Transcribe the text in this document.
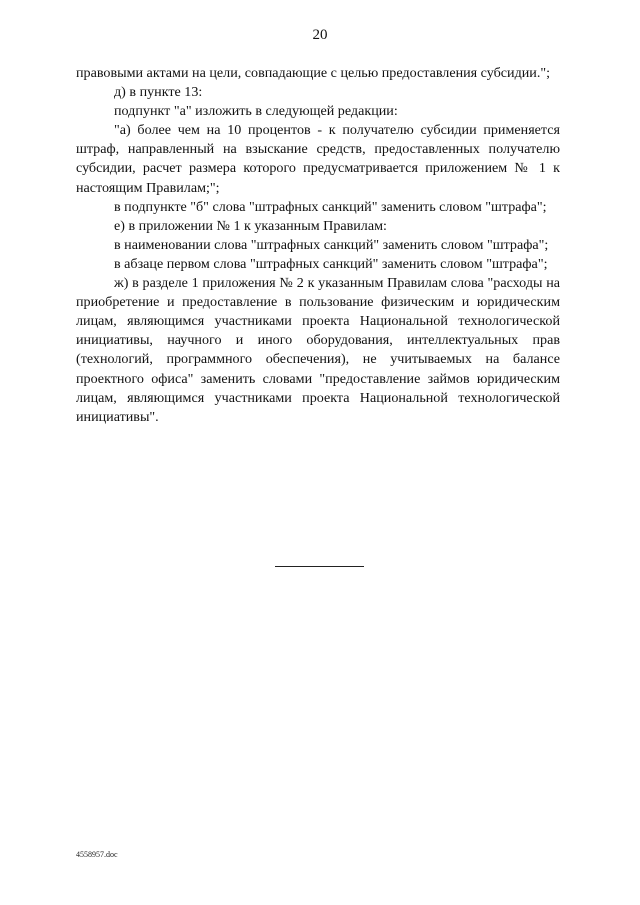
20

правовыми актами на цели, совпадающие с целью предоставления субсидии.";

д) в пункте 13:

подпункт "а" изложить в следующей редакции:

"а) более чем на 10 процентов - к получателю субсидии применяется штраф, направленный на взыскание средств, предоставленных получателю субсидии, расчет размера которого предусматривается приложением № 1 к настоящим Правилам;";

в подпункте "б" слова "штрафных санкций" заменить словом "штрафа";

е) в приложении № 1 к указанным Правилам:

в наименовании слова "штрафных санкций" заменить словом "штрафа";

в абзаце первом слова "штрафных санкций" заменить словом "штрафа";

ж) в разделе 1 приложения № 2 к указанным Правилам слова "расходы на приобретение и предоставление в пользование физическим и юридическим лицам, являющимся участниками проекта Национальной технологической инициативы, научного и иного оборудования, интеллектуальных прав (технологий, программного обеспечения), не учитываемых на балансе проектного офиса" заменить словами "предоставление займов юридическим лицам, являющимся участниками проекта Национальной технологической инициативы".

4558957.doc
